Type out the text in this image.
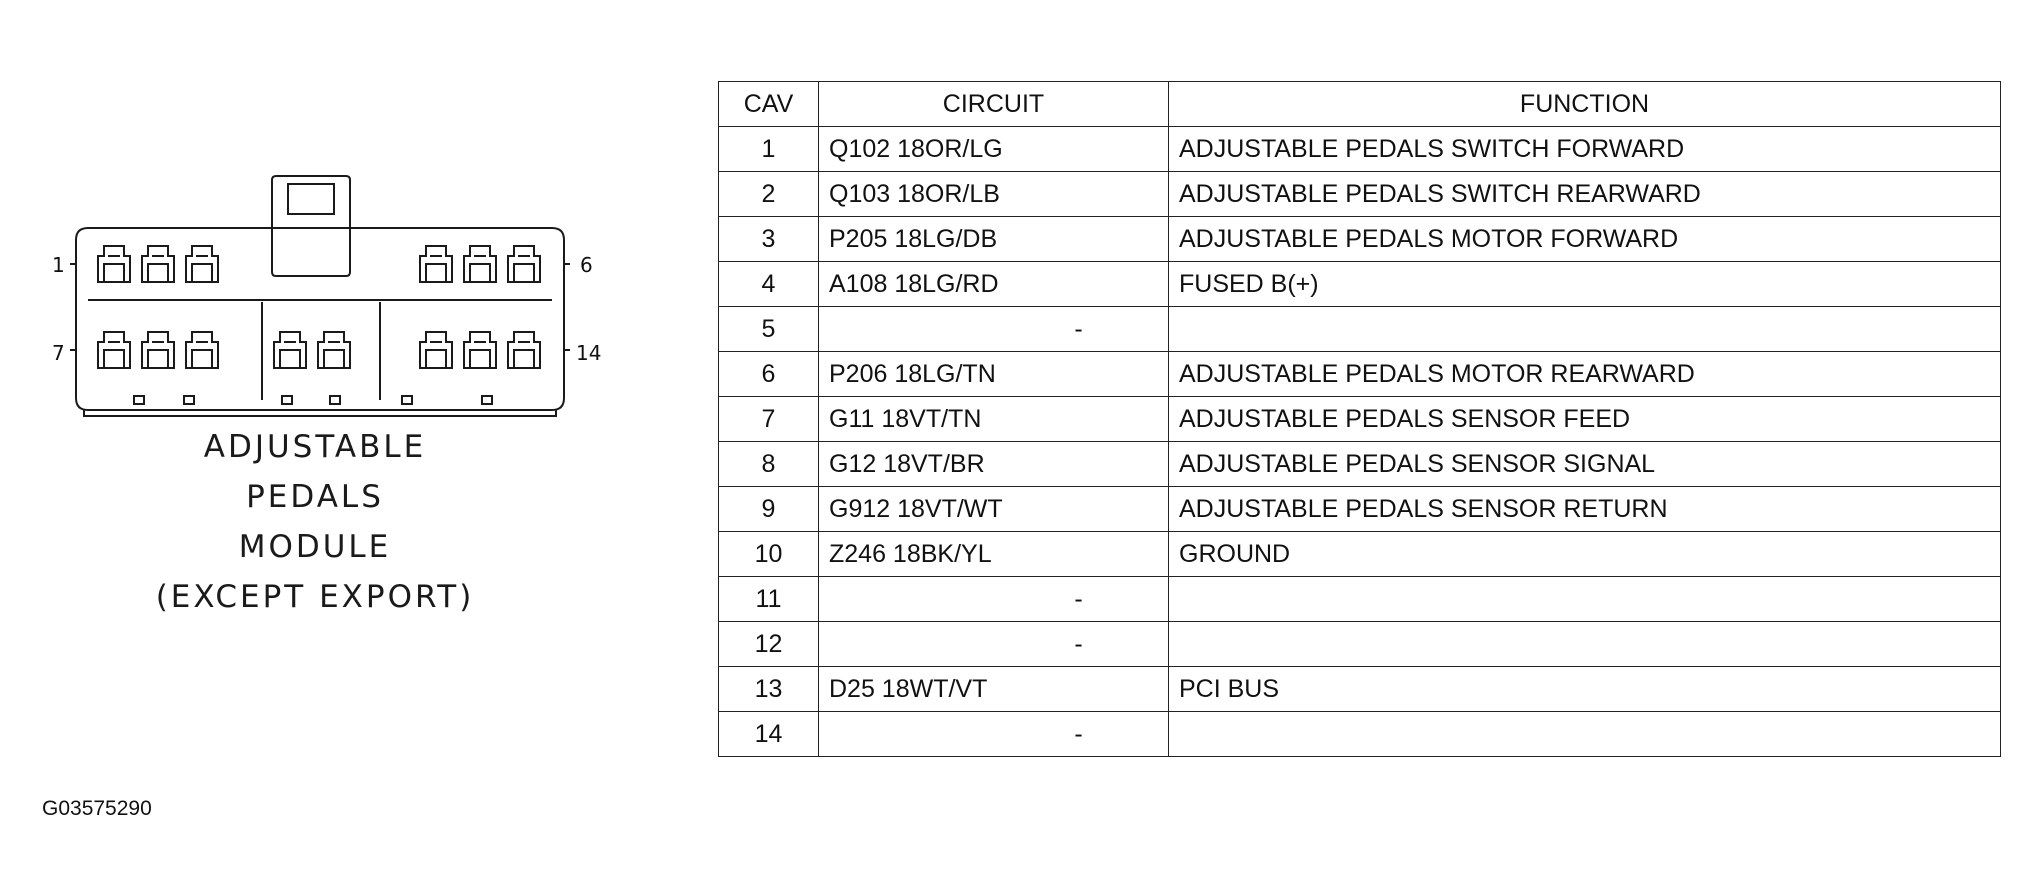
1	6
7	14
ADJUSTABLE
PEDALS
MODULE
(EXCEPT EXPORT)
G03575290
CAV	CIRCUIT	FUNCTION
1	Q102 18OR/LG	ADJUSTABLE PEDALS SWITCH FORWARD
2	Q103 18OR/LB	ADJUSTABLE PEDALS SWITCH REARWARD
3	P205 18LG/DB	ADJUSTABLE PEDALS MOTOR FORWARD
4	A108 18LG/RD	FUSED B(+)
5	-	
6	P206 18LG/TN	ADJUSTABLE PEDALS MOTOR REARWARD
7	G11 18VT/TN	ADJUSTABLE PEDALS SENSOR FEED
8	G12 18VT/BR	ADJUSTABLE PEDALS SENSOR SIGNAL
9	G912 18VT/WT	ADJUSTABLE PEDALS SENSOR RETURN
10	Z246 18BK/YL	GROUND
11	-	
12	-	
13	D25 18WT/VT	PCI BUS
14	-	
